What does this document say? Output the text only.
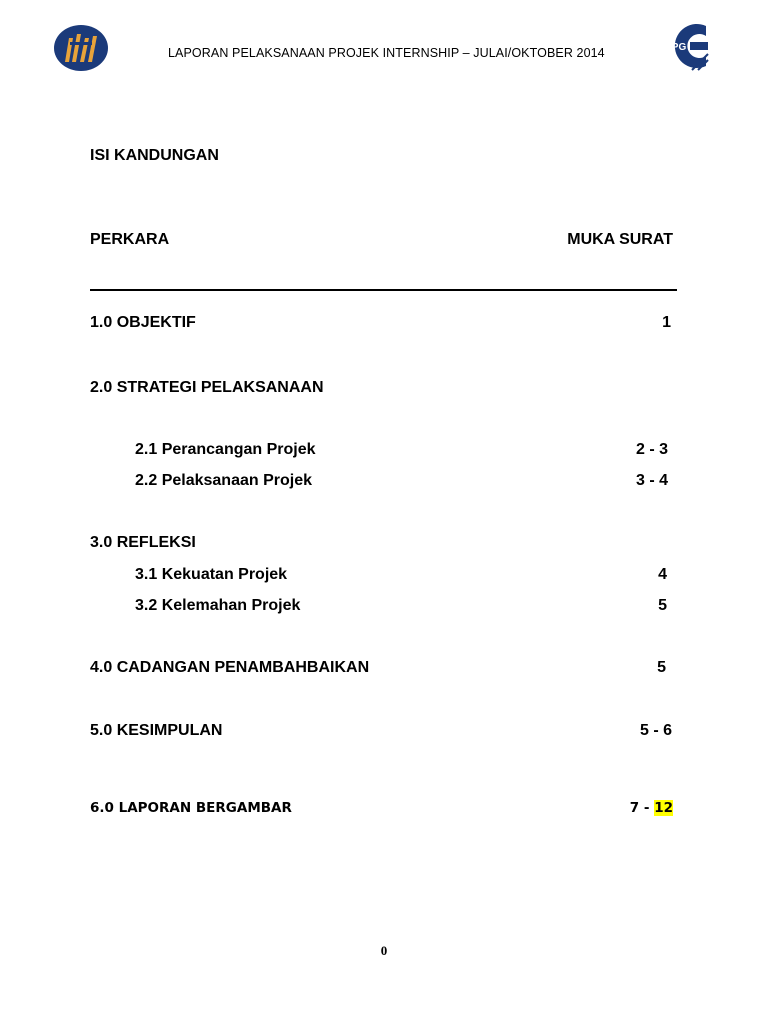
LAPORAN PELAKSANAAN PROJEK INTERNSHIP – JULAI/OKTOBER 2014	IPG
ISI KANDUNGAN
PERKARA	MUKA SURAT
1.0 OBJEKTIF	1
2.0 STRATEGI PELAKSANAAN
2.1 Perancangan Projek	2 - 3
2.2 Pelaksanaan Projek	3 - 4
3.0 REFLEKSI
3.1 Kekuatan Projek	4
3.2 Kelemahan Projek	5
4.0 CADANGAN PENAMBAHBAIKAN	5
5.0 KESIMPULAN	5 - 6
6.0 LAPORAN BERGAMBAR	7 - 12
0
